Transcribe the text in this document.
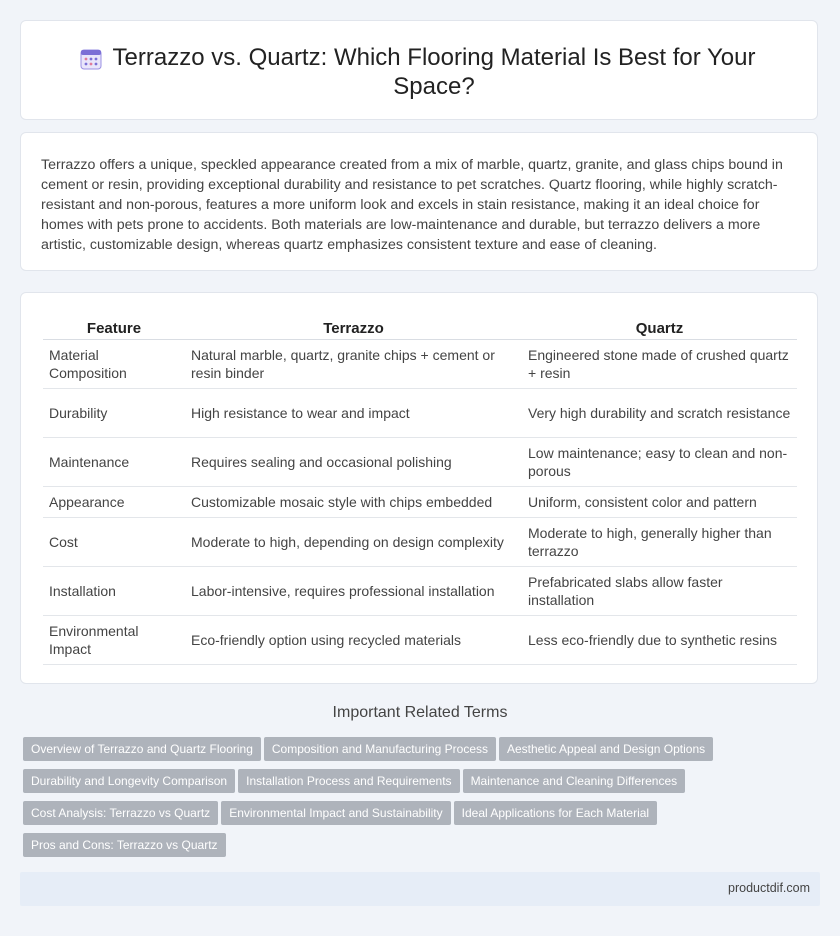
Terrazzo vs. Quartz: Which Flooring Material Is Best for Your Space?

Terrazzo offers a unique, speckled appearance created from a mix of marble, quartz, granite, and glass chips bound in cement or resin, providing exceptional durability and resistance to pet scratches. Quartz flooring, while highly scratch-resistant and non-porous, features a more uniform look and excels in stain resistance, making it an ideal choice for homes with pets prone to accidents. Both materials are low-maintenance and durable, but terrazzo delivers a more artistic, customizable design, whereas quartz emphasizes consistent texture and ease of cleaning.

Feature	Terrazzo	Quartz
Material Composition	Natural marble, quartz, granite chips + cement or resin binder	Engineered stone made of crushed quartz + resin
Durability	High resistance to wear and impact	Very high durability and scratch resistance
Maintenance	Requires sealing and occasional polishing	Low maintenance; easy to clean and non-porous
Appearance	Customizable mosaic style with chips embedded	Uniform, consistent color and pattern
Cost	Moderate to high, depending on design complexity	Moderate to high, generally higher than terrazzo
Installation	Labor-intensive, requires professional installation	Prefabricated slabs allow faster installation
Environmental Impact	Eco-friendly option using recycled materials	Less eco-friendly due to synthetic resins
Important Related Terms
Overview of Terrazzo and Quartz Flooring Composition and Manufacturing Process Aesthetic Appeal and Design Options
Durability and Longevity Comparison Installation Process and Requirements Maintenance and Cleaning Differences
Cost Analysis: Terrazzo vs Quartz Environmental Impact and Sustainability Ideal Applications for Each Material
Pros and Cons: Terrazzo vs Quartz
productdif.com
